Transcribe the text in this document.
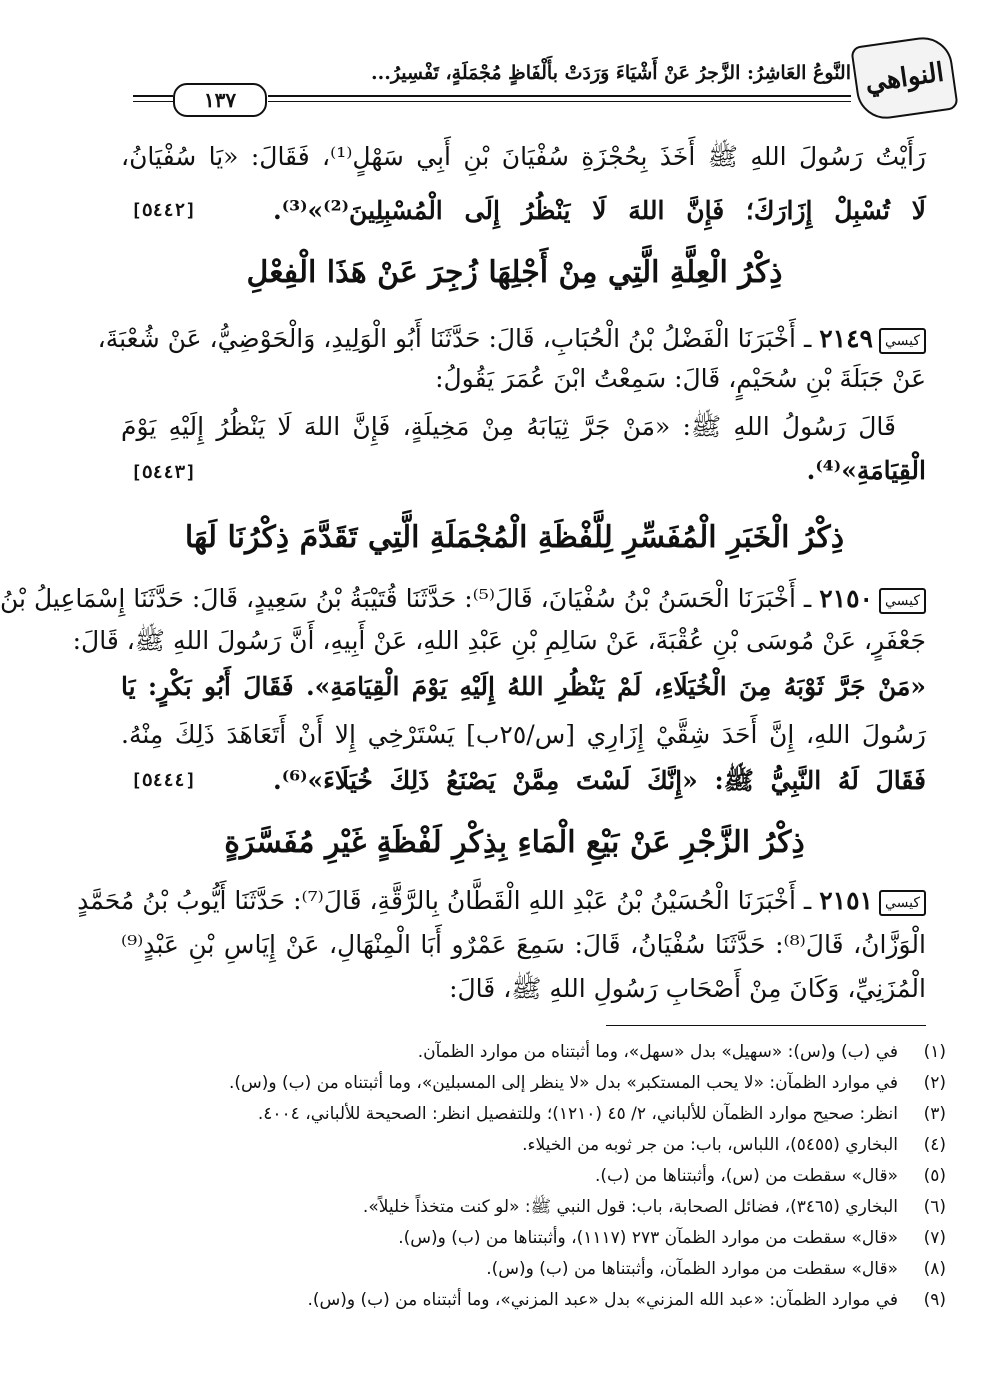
النواهي
النَّوعُ العَاشِرُ: الزَّجرُ عَنْ أَشْيَاءَ وَرَدَتْ بأَلْفَاظٍ مُجْمَلَةٍ، تَفْسِيرُ...
١٣٧
رَأَيْتُ رَسُولَ اللهِ ﷺ أَخَذَ بِحُجْزَةِ سُفْيَانَ بْنِ أَبِي سَهْلٍ⁽¹⁾، فَقَالَ: «يَا سُفْيَانُ،
لَا تُسْبِلْ إِزَارَكَ؛ فَإِنَّ اللهَ لَا يَنْظُرُ إِلَى الْمُسْبِلِينَ⁽²⁾»⁽³⁾.
[٥٤٤٢]
ذِكْرُ الْعِلَّةِ الَّتِي مِنْ أَجْلِهَا زُجِرَ عَنْ هَذَا الْفِعْلِ
كيسي٢١٤٩ ـ أَخْبَرَنَا الْفَضْلُ بْنُ الْحُبَابِ، قَالَ: حَدَّثَنَا أَبُو الْوَلِيدِ، وَالْحَوْضِيُّ، عَنْ شُعْبَةَ،
عَنْ جَبَلَةَ بْنِ سُحَيْمٍ، قَالَ: سَمِعْتُ ابْنَ عُمَرَ يَقُولُ:
قَالَ رَسُولُ اللهِ ﷺ: «مَنْ جَرَّ ثِيَابَهُ مِنْ مَخِيلَةٍ، فَإِنَّ اللهَ لَا يَنْظُرُ إِلَيْهِ يَوْمَ
الْقِيَامَةِ»⁽⁴⁾.
[٥٤٤٣]
ذِكْرُ الْخَبَرِ الْمُفَسِّرِ لِلَّفْظَةِ الْمُجْمَلَةِ الَّتِي تَقَدَّمَ ذِكْرُنَا لَهَا
كيسي٢١٥٠ ـ أَخْبَرَنَا الْحَسَنُ بْنُ سُفْيَانَ، قَالَ⁽⁵⁾: حَدَّثَنَا قُتَيْبَةُ بْنُ سَعِيدٍ، قَالَ: حَدَّثَنَا إِسْمَاعِيلُ بْنُ
جَعْفَرٍ، عَنْ مُوسَى بْنِ عُقْبَةَ، عَنْ سَالِمِ بْنِ عَبْدِ اللهِ، عَنْ أَبِيهِ، أَنَّ رَسُولَ اللهِ ﷺ، قَالَ:
«مَنْ جَرَّ ثَوْبَهُ مِنَ الْخُيَلَاءِ، لَمْ يَنْظُرِ اللهُ إِلَيْهِ يَوْمَ الْقِيَامَةِ». فَقَالَ أَبُو بَكْرٍ: يَا
رَسُولَ اللهِ، إِنَّ أَحَدَ شِقَّيْ إِزَارِي [س/٢٥ب] يَسْتَرْخِي إِلا أَنْ أَتَعَاهَدَ ذَلِكَ مِنْهُ.
فَقَالَ لَهُ النَّبِيُّ ﷺ: «إِنَّكَ لَسْتَ مِمَّنْ يَصْنَعُ ذَلِكَ خُيَلَاءَ»⁽⁶⁾.
[٥٤٤٤]
ذِكْرُ الزَّجْرِ عَنْ بَيْعِ الْمَاءِ بِذِكْرِ لَفْظَةٍ غَيْرِ مُفَسَّرَةٍ
كيسي٢١٥١ ـ أَخْبَرَنَا الْحُسَيْنُ بْنُ عَبْدِ اللهِ الْقَطَّانُ بِالرَّقَّةِ، قَالَ⁽⁷⁾: حَدَّثَنَا أَيُّوبُ بْنُ مُحَمَّدٍ
الْوَزَّانُ، قَالَ⁽⁸⁾: حَدَّثَنَا سُفْيَانُ، قَالَ: سَمِعَ عَمْرٌو أَبَا الْمِنْهَالِ، عَنْ إِيَاسِ بْنِ عَبْدٍ⁽⁹⁾
الْمُزَنِيِّ، وَكَانَ مِنْ أَصْحَابِ رَسُولِ اللهِ ﷺ، قَالَ:
(١)في (ب) و(س): «سهيل» بدل «سهل»، وما أثبتناه من موارد الظمآن.
(٢)في موارد الظمآن: «لا يحب المستكبر» بدل «لا ينظر إلى المسبلين»، وما أثبتناه من (ب) و(س).
(٣)انظر: صحيح موارد الظمآن للألباني، ٢/ ٤٥ (١٢١٠)؛ وللتفصيل انظر: الصحيحة للألباني، ٤٠٠٤.
(٤)البخاري (٥٤٥٥)، اللباس، باب: من جر ثوبه من الخيلاء.
(٥)«قال» سقطت من (س)، وأثبتناها من (ب).
(٦)البخاري (٣٤٦٥)، فضائل الصحابة، باب: قول النبي ﷺ: «لو كنت متخذاً خليلاً».
(٧)«قال» سقطت من موارد الظمآن ٢٧٣ (١١١٧)، وأثبتناها من (ب) و(س).
(٨)«قال» سقطت من موارد الظمآن، وأثبتناها من (ب) و(س).
(٩)في موارد الظمآن: «عبد الله المزني» بدل «عبد المزني»، وما أثبتناه من (ب) و(س).
